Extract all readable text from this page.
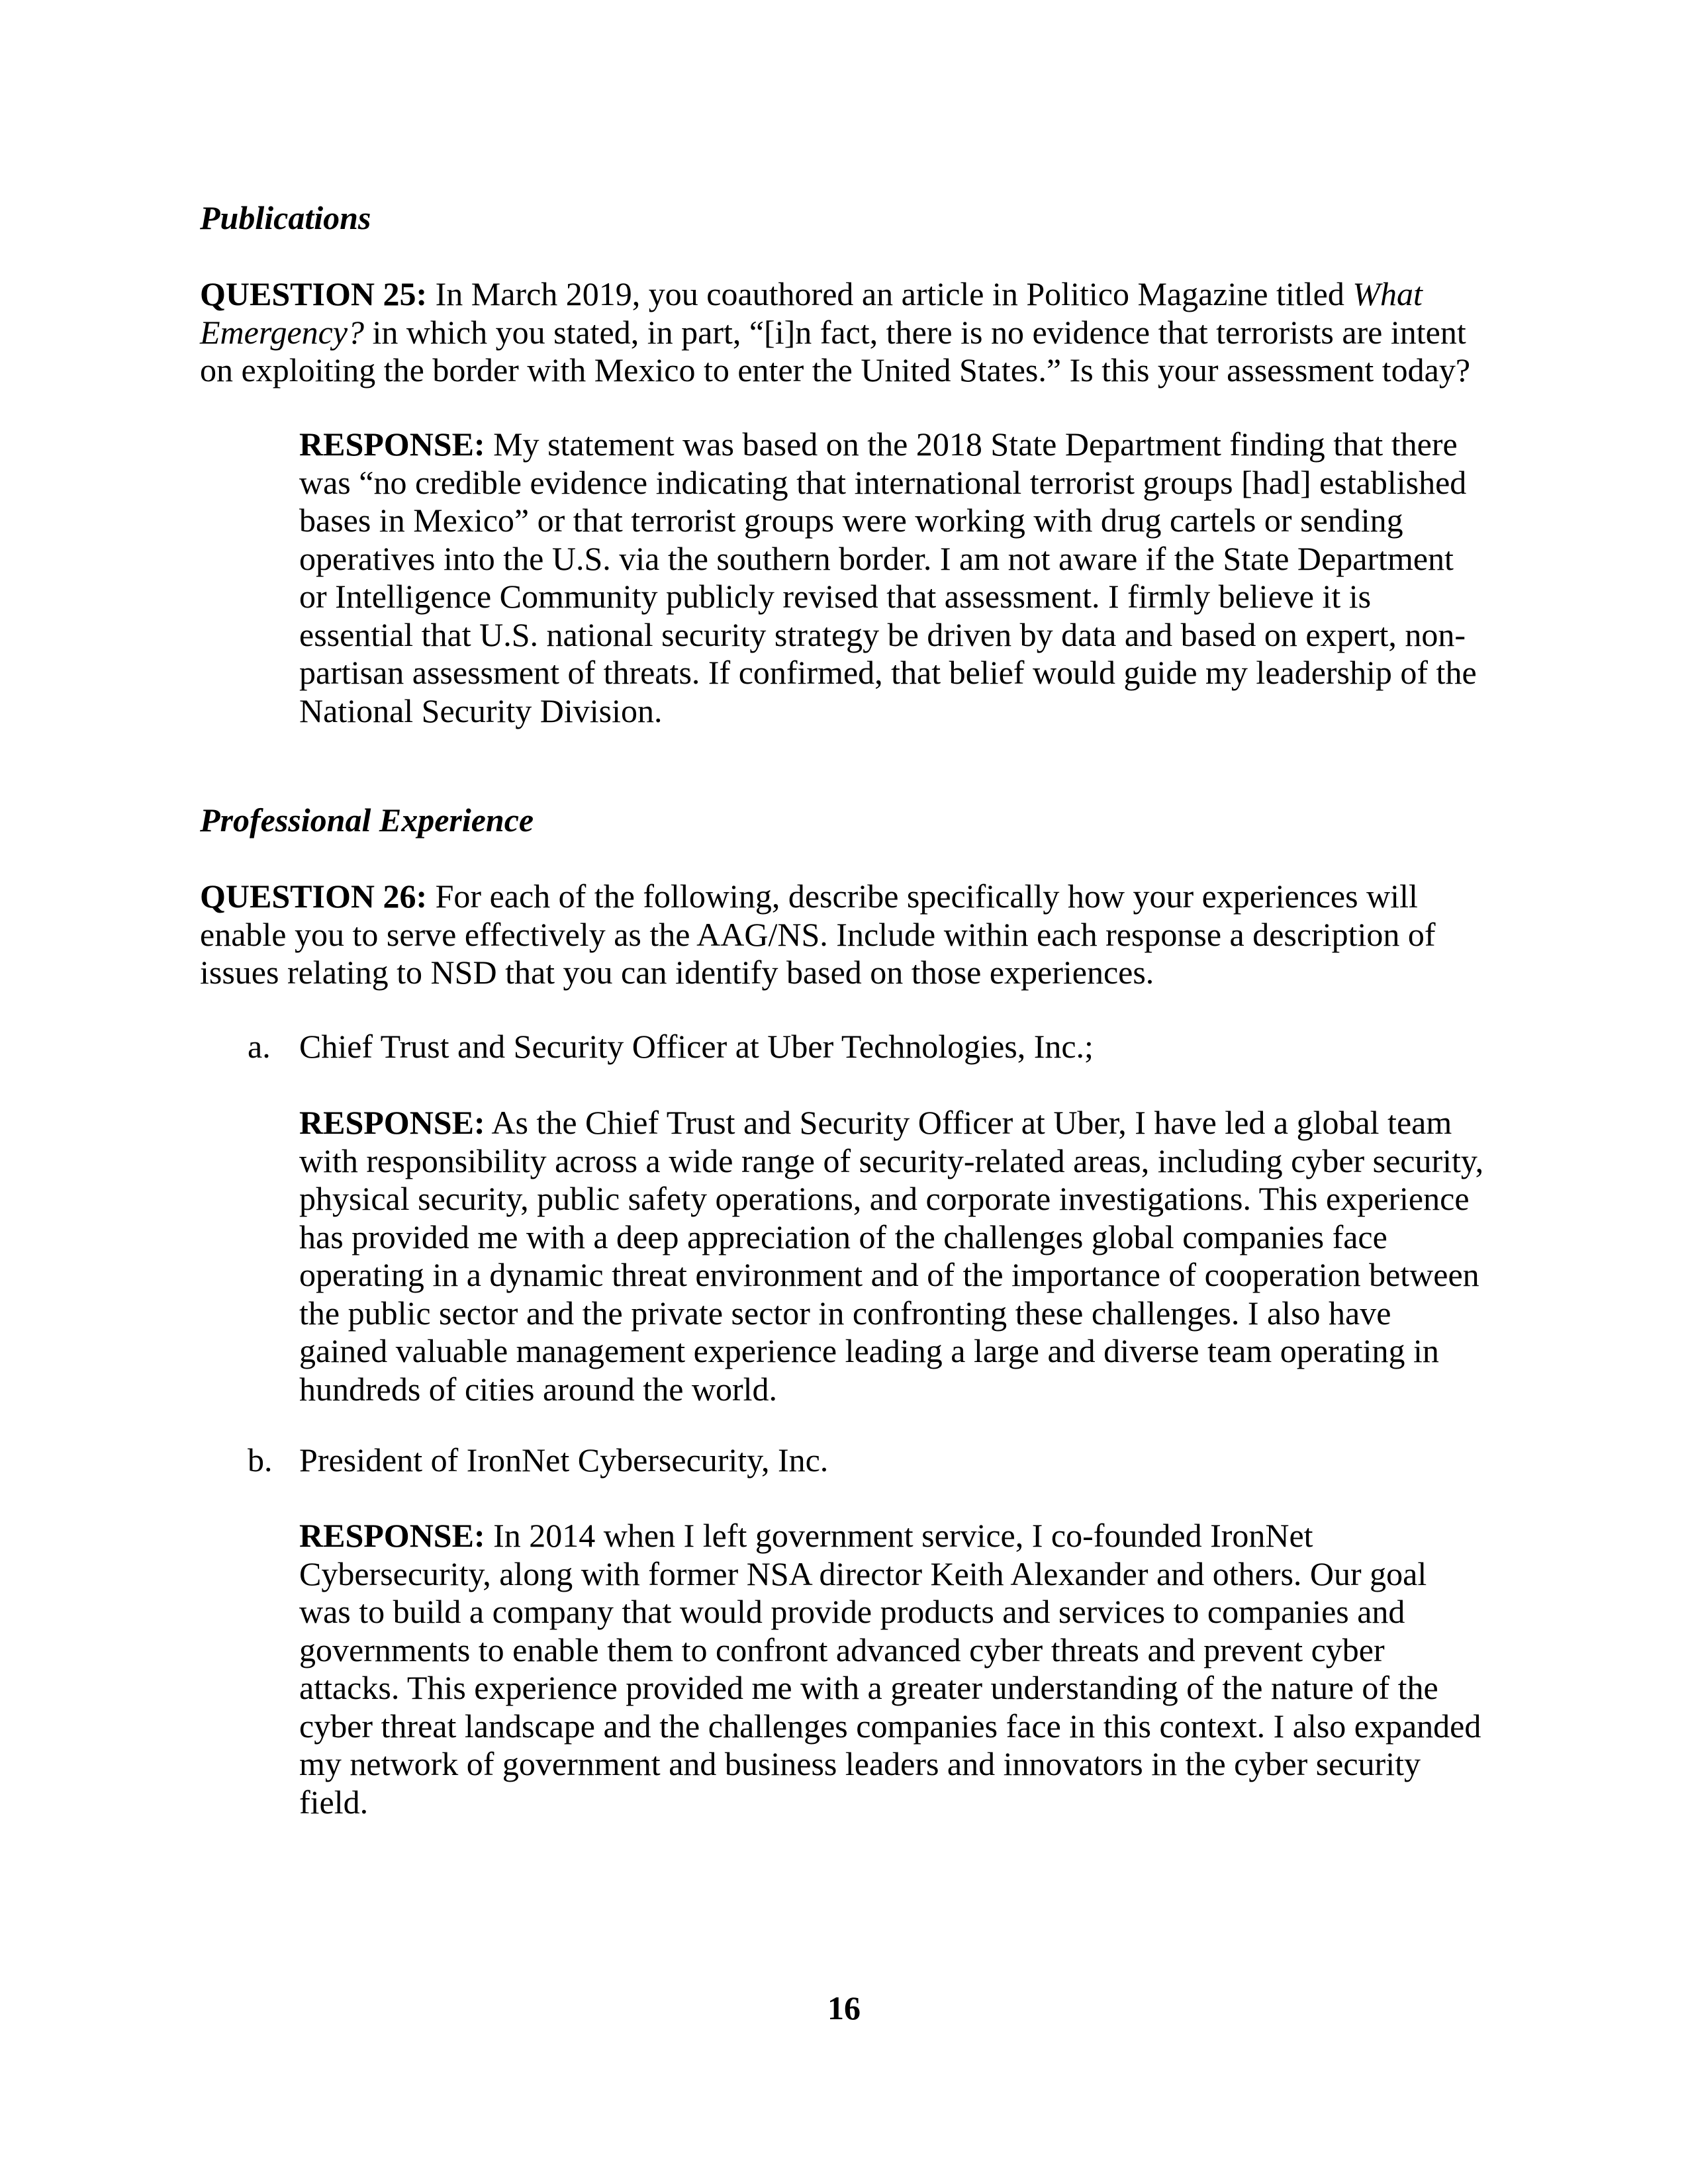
Publications
QUESTION 25: In March 2019, you coauthored an article in Politico Magazine titled What
Emergency? in which you stated, in part, “[i]n fact, there is no evidence that terrorists are intent
on exploiting the border with Mexico to enter the United States.” Is this your assessment today?
RESPONSE: My statement was based on the 2018 State Department finding that there
was “no credible evidence indicating that international terrorist groups [had] established
bases in Mexico” or that terrorist groups were working with drug cartels or sending
operatives into the U.S. via the southern border. I am not aware if the State Department
or Intelligence Community publicly revised that assessment. I firmly believe it is
essential that U.S. national security strategy be driven by data and based on expert, non-
partisan assessment of threats. If confirmed, that belief would guide my leadership of the
National Security Division.
Professional Experience
QUESTION 26: For each of the following, describe specifically how your experiences will
enable you to serve effectively as the AAG/NS. Include within each response a description of
issues relating to NSD that you can identify based on those experiences.
a. Chief Trust and Security Officer at Uber Technologies, Inc.;
RESPONSE: As the Chief Trust and Security Officer at Uber, I have led a global team
with responsibility across a wide range of security-related areas, including cyber security,
physical security, public safety operations, and corporate investigations. This experience
has provided me with a deep appreciation of the challenges global companies face
operating in a dynamic threat environment and of the importance of cooperation between
the public sector and the private sector in confronting these challenges. I also have
gained valuable management experience leading a large and diverse team operating in
hundreds of cities around the world.
b. President of IronNet Cybersecurity, Inc.
RESPONSE: In 2014 when I left government service, I co-founded IronNet
Cybersecurity, along with former NSA director Keith Alexander and others. Our goal
was to build a company that would provide products and services to companies and
governments to enable them to confront advanced cyber threats and prevent cyber
attacks. This experience provided me with a greater understanding of the nature of the
cyber threat landscape and the challenges companies face in this context. I also expanded
my network of government and business leaders and innovators in the cyber security
field.
16
